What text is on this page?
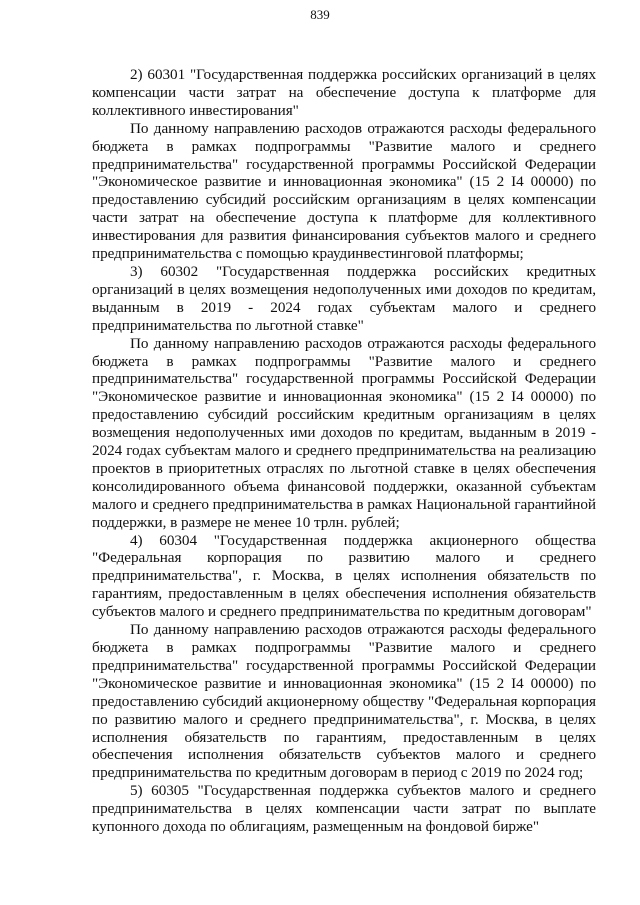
839

2) 60301 "Государственная поддержка российских организаций в целях компенсации части затрат на обеспечение доступа к платформе для коллективного инвестирования"

По данному направлению расходов отражаются расходы федерального бюджета в рамках подпрограммы "Развитие малого и среднего предпринимательства" государственной программы Российской Федерации "Экономическое развитие и инновационная экономика" (15 2 I4 00000) по предоставлению субсидий российским организациям в целях компенсации части затрат на обеспечение доступа к платформе для коллективного инвестирования для развития финансирования субъектов малого и среднего предпринимательства с помощью краудинвестинговой платформы;

3) 60302 "Государственная поддержка российских кредитных организаций в целях возмещения недополученных ими доходов по кредитам, выданным в 2019 - 2024 годах субъектам малого и среднего предпринимательства по льготной ставке"

По данному направлению расходов отражаются расходы федерального бюджета в рамках подпрограммы "Развитие малого и среднего предпринимательства" государственной программы Российской Федерации "Экономическое развитие и инновационная экономика" (15 2 I4 00000) по предоставлению субсидий российским кредитным организациям в целях возмещения недополученных ими доходов по кредитам, выданным в 2019 - 2024 годах субъектам малого и среднего предпринимательства на реализацию проектов в приоритетных отраслях по льготной ставке в целях обеспечения консолидированного объема финансовой поддержки, оказанной субъектам малого и среднего предпринимательства в рамках Национальной гарантийной поддержки, в размере не менее 10 трлн. рублей;

4) 60304 "Государственная поддержка акционерного общества "Федеральная корпорация по развитию малого и среднего предпринимательства", г. Москва, в целях исполнения обязательств по гарантиям, предоставленным в целях обеспечения исполнения обязательств субъектов малого и среднего предпринимательства по кредитным договорам"

По данному направлению расходов отражаются расходы федерального бюджета в рамках подпрограммы "Развитие малого и среднего предпринимательства" государственной программы Российской Федерации "Экономическое развитие и инновационная экономика" (15 2 I4 00000) по предоставлению субсидий акционерному обществу "Федеральная корпорация по развитию малого и среднего предпринимательства", г. Москва, в целях исполнения обязательств по гарантиям, предоставленным в целях обеспечения исполнения обязательств субъектов малого и среднего предпринимательства по кредитным договорам в период с 2019 по 2024 год;

5) 60305 "Государственная поддержка субъектов малого и среднего предпринимательства в целях компенсации части затрат по выплате купонного дохода по облигациям, размещенным на фондовой бирже"
